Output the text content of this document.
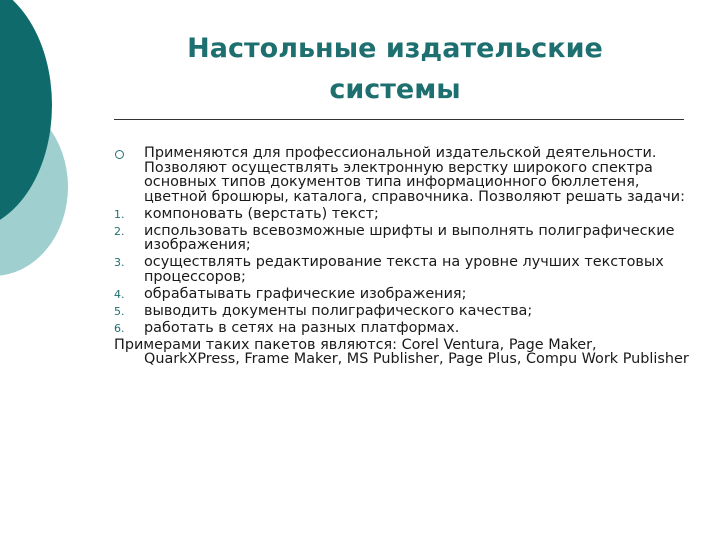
Настольные издательские
системы
Применяются для профессиональной издательской деятельности. Позволяют осуществлять электронную верстку широкого спектра основных типов документов типа информационного бюллетеня, цветной брошюры, каталога, справочника. Позволяют решать задачи:
1. компоновать (верстать) текст;
2. использовать всевозможные шрифты и выполнять полиграфические изображения;
3. осуществлять редактирование текста на уровне лучших текстовых процессоров;
4. обрабатывать графические изображения;
5. выводить документы полиграфического качества;
6. работать в сетях на разных платформах.
Примерами таких пакетов являются: Corel Ventura, Page Maker, QuarkXPress, Frame Maker, MS Publisher, Page Plus, Compu Work Publisher
